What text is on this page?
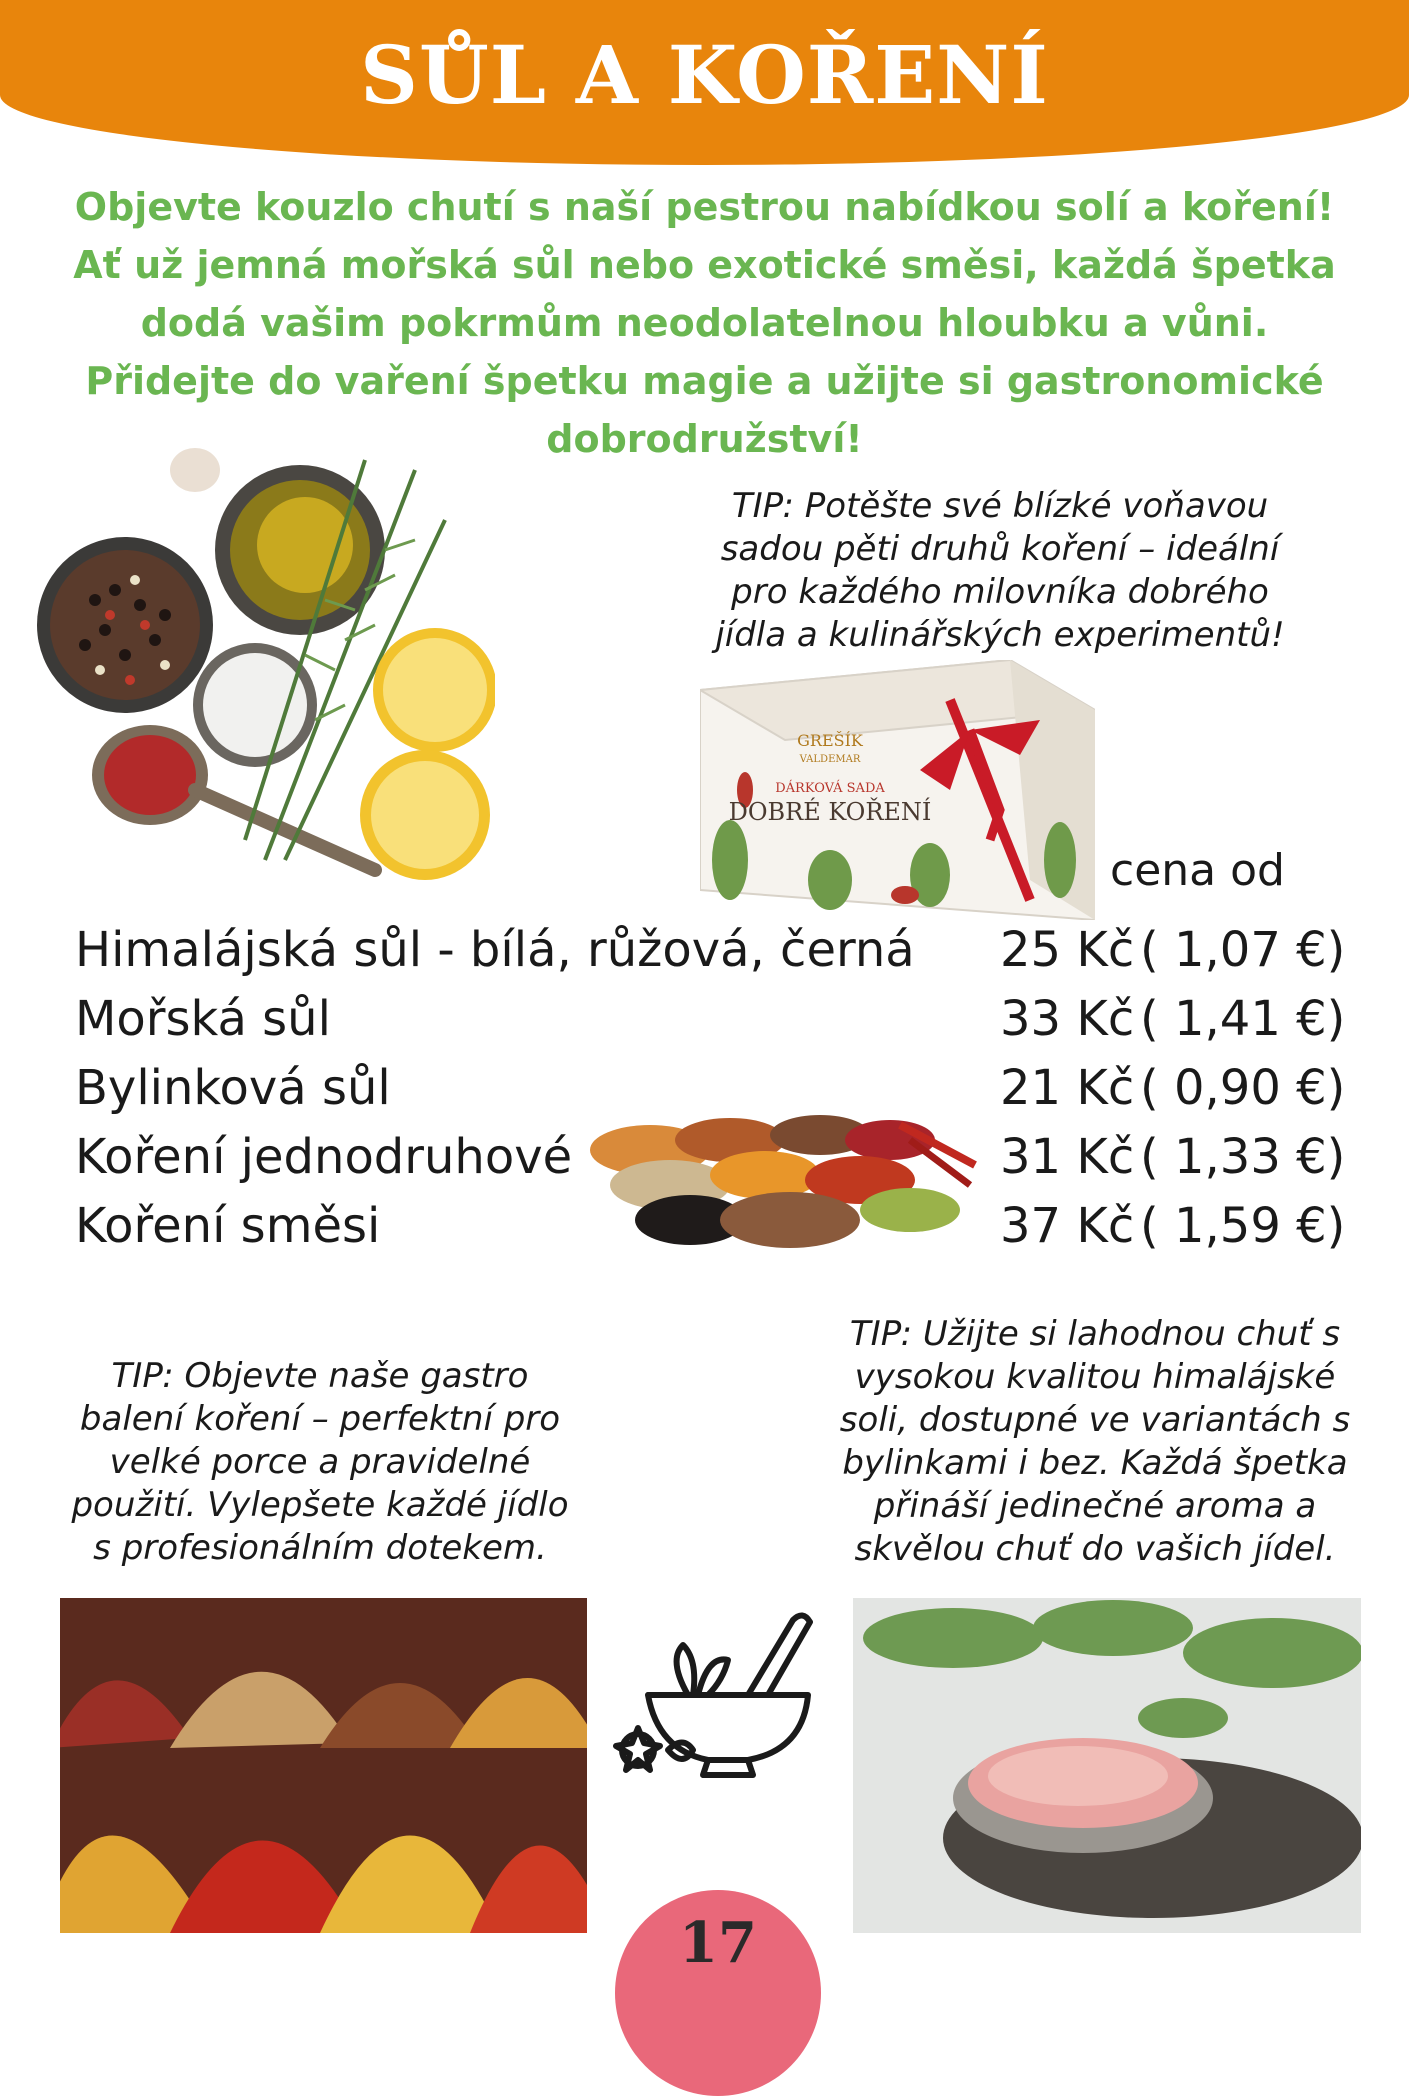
SŮL A KOŘENÍ
Objevte kouzlo chutí s naší pestrou nabídkou solí a koření!
Ať už jemná mořská sůl nebo exotické směsi, každá špetka
dodá vašim pokrmům neodolatelnou hloubku a vůni.
Přidejte do vaření špetku magie a užijte si gastronomické
dobrodružství!
TIP: Potěšte své blízké voňavou
sadou pěti druhů koření – ideální
pro každého milovníka dobrého
jídla a kulinářských experimentů!
GREŠÍK
VALDEMAR
DÁRKOVÁ SADA
DOBRÉ KOŘENÍ
cena od
Himalájská sůl - bílá, růžová, černá 25 Kč ( 1,07 €)
Mořská sůl	33 Kč ( 1,41 €)
Bylinková sůl	21 Kč ( 0,90 €)
Koření jednodruhové	31 Kč ( 1,33 €)
Koření směsi	37 Kč ( 1,59 €)
TIP: Objevte naše gastro
balení koření – perfektní pro
velké porce a pravidelné
použití. Vylepšete každé jídlo
s profesionálním dotekem.
TIP: Užijte si lahodnou chuť s
vysokou kvalitou himalájské
soli, dostupné ve variantách s
bylinkami i bez. Každá špetka
přináší jedinečné aroma a
skvělou chuť do vašich jídel.
17
